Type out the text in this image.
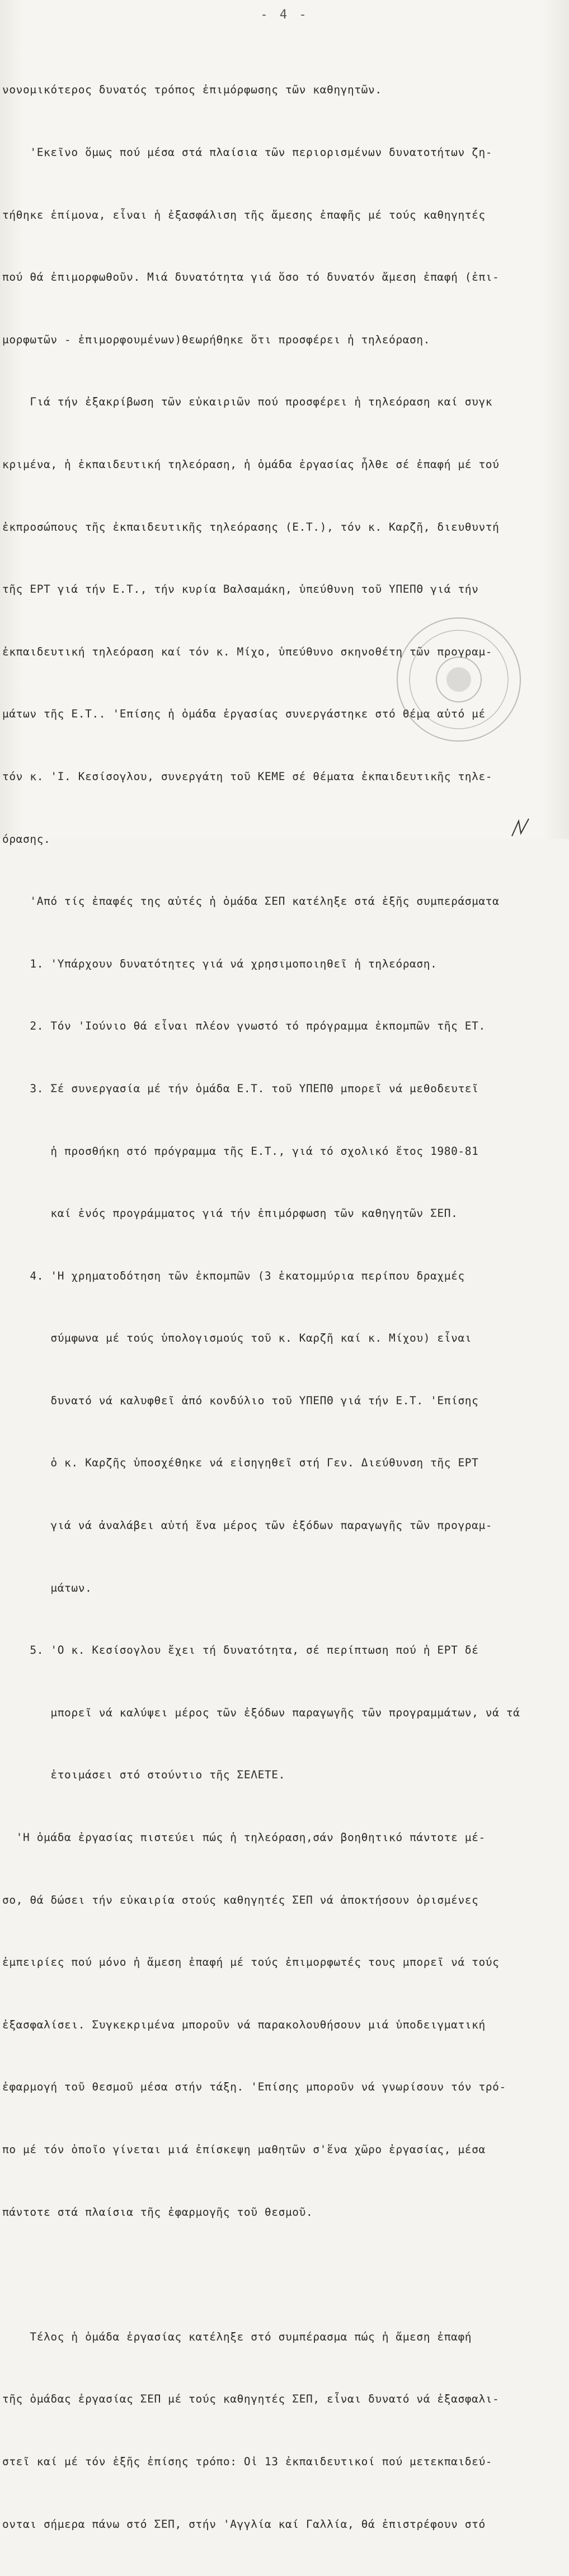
- 4 -

νονομικότερος δυνατός τρόπος ἐπιμόρφωσης τῶν καθηγητῶν.

'Εκεῖνο ὅμως πού μέσα στά πλαίσια τῶν περιορισμένων δυνατοτήτων ζη-

τήθηκε ἐπίμονα, εἶναι ἡ ἐξασφάλιση τῆς ἄμεσης ἐπαφῆς μέ τούς καθηγητές

πού θά ἐπιμορφωθοῦν. Μιά δυνατότητα γιά ὅσο τό δυνατόν ἄμεση ἐπαφή (ἐπι-

μορφωτῶν - ἐπιμορφουμένων)θεωρήθηκε ὅτι προσφέρει ἡ τηλεόραση.

Γιά τήν ἐξακρίβωση τῶν εὐκαιριῶν πού προσφέρει ἡ τηλεόραση καί συγκ

κριμένα, ἡ ἐκπαιδευτική τηλεόραση, ἡ ὁμάδα ἐργασίας ἦλθε σέ ἐπαφή μέ τού

ἐκπροσώπους τῆς ἐκπαιδευτικῆς τηλεόρασης (Ε.Τ.), τόν κ. Καρζῆ, διευθυντή

τῆς ΕΡΤ γιά τήν Ε.Τ., τήν κυρία Βαλσαμάκη, ὑπεύθυνη τοῦ ΥΠΕΠΘ γιά τήν

ἐκπαιδευτική τηλεόραση καί τόν κ. Μίχο, ὑπεύθυνο σκηνοθέτη τῶν προγραμ-

μάτων τῆς Ε.Τ.. 'Επίσης ἡ ὁμάδα ἐργασίας συνεργάστηκε στό θέμα αὐτό μέ

τόν κ. 'Ι. Κεσίσογλου, συνεργάτη τοῦ ΚΕΜΕ σέ θέματα ἐκπαιδευτικῆς τηλε-

όρασης.

'Από τίς ἐπαφές της αὐτές ἡ ὁμάδα ΣΕΠ κατέληξε στά ἑξῆς συμπεράσματα

1. 'Υπάρχουν δυνατότητες γιά νά χρησιμοποιηθεῖ ἡ τηλεόραση.

2. Τόν 'Ιούνιο θά εἶναι πλέον γνωστό τό πρόγραμμα ἐκπομπῶν τῆς ΕΤ.

3. Σέ συνεργασία μέ τήν ὁμάδα Ε.Τ. τοῦ ΥΠΕΠΘ μπορεῖ νά μεθοδευτεῖ

ἡ προσθήκη στό πρόγραμμα τῆς Ε.Τ., γιά τό σχολικό ἔτος 1980-81

καί ἑνός προγράμματος γιά τήν ἐπιμόρφωση τῶν καθηγητῶν ΣΕΠ.

4. 'Η χρηματοδότηση τῶν ἐκπομπῶν (3 ἑκατομμύρια περίπου δραχμές

σύμφωνα μέ τούς ὑπολογισμούς τοῦ κ. Καρζῆ καί κ. Μίχου) εἶναι

δυνατό νά καλυφθεῖ ἀπό κονδύλιο τοῦ ΥΠΕΠΘ γιά τήν Ε.Τ. 'Επίσης

ὁ κ. Καρζῆς ὑποσχέθηκε νά εἰσηγηθεῖ στή Γεν. Διεύθυνση τῆς ΕΡΤ

γιά νά ἀναλάβει αὐτή ἕνα μέρος τῶν ἐξόδων παραγωγῆς τῶν προγραμ-

μάτων.

5. 'Ο κ. Κεσίσογλου ἔχει τή δυνατότητα, σέ περίπτωση πού ἡ ΕΡΤ δέ

μπορεῖ νά καλύψει μέρος τῶν ἐξόδων παραγωγῆς τῶν προγραμμάτων, νά τά

ἑτοιμάσει στό στούντιο τῆς ΣΕΛΕΤΕ.

'Η ὁμάδα ἐργασίας πιστεύει πώς ἡ τηλεόραση,σάν βοηθητικό πάντοτε μέ-

σο, θά δώσει τήν εὐκαιρία στούς καθηγητές ΣΕΠ νά ἀποκτήσουν ὁρισμένες

ἐμπειρίες πού μόνο ἡ ἄμεση ἐπαφή μέ τούς ἐπιμορφωτές τους μπορεῖ νά τούς

ἐξασφαλίσει. Συγκεκριμένα μποροῦν νά παρακολουθήσουν μιά ὑποδειγματική

ἐφαρμογή τοῦ θεσμοῦ μέσα στήν τάξη. 'Επίσης μποροῦν νά γνωρίσουν τόν τρό-

πο μέ τόν ὁποῖο γίνεται μιά ἐπίσκεψη μαθητῶν σ'ἕνα χῶρο ἐργασίας, μέσα

πάντοτε στά πλαίσια τῆς ἐφαρμογῆς τοῦ θεσμοῦ.

Τέλος ἡ ὁμάδα ἐργασίας κατέληξε στό συμπέρασμα πώς ἡ ἄμεση ἐπαφή

τῆς ὁμάδας ἐργασίας ΣΕΠ μέ τούς καθηγητές ΣΕΠ, εἶναι δυνατό νά ἐξασφαλι-

στεῖ καί μέ τόν ἑξῆς ἐπίσης τρόπο: Οἱ 13 ἐκπαιδευτικοί πού μετεκπαιδεύ-

ονται σήμερα πάνω στό ΣΕΠ, στήν 'Αγγλία καί Γαλλία, θά ἐπιστρέφουν στό
